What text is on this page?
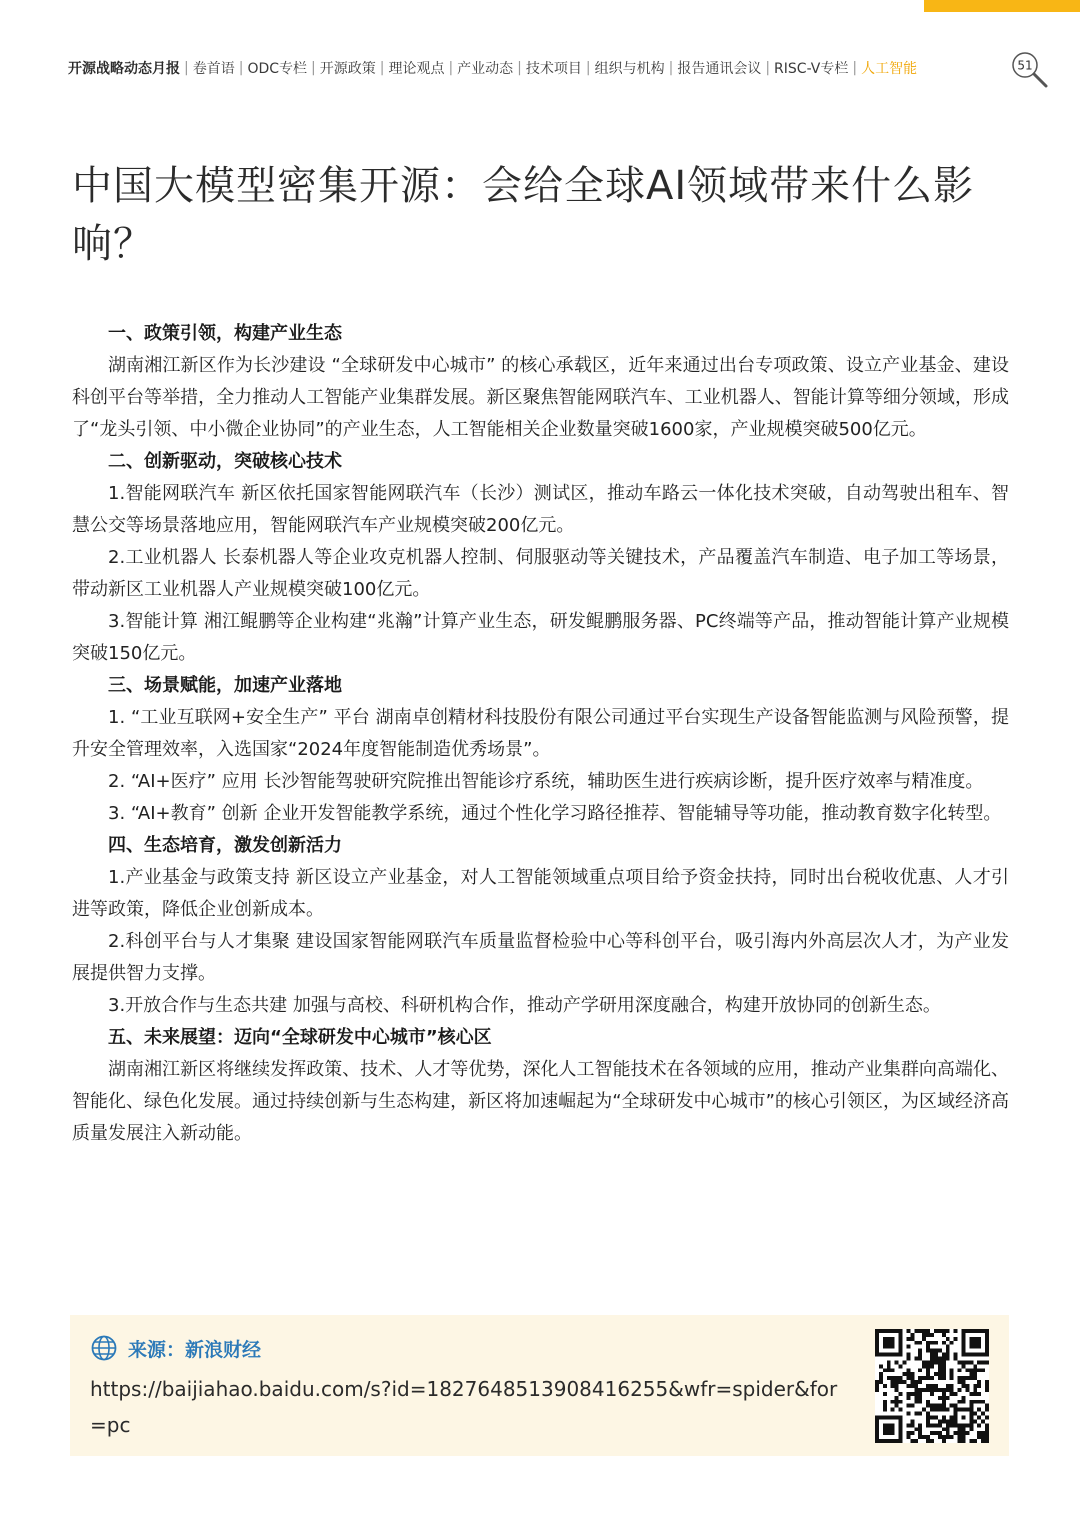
开源战略动态月报 | 卷首语 | ODC专栏 | 开源政策 | 理论观点 | 产业动态 | 技术项目 | 组织与机构 | 报告通讯会议 | RISC-V专栏 | 人工智能	51
中国大模型密集开源：会给全球AI领域带来什么影响？
一、政策引领，构建产业生态

湖南湘江新区作为长沙建设 “全球研发中心城市” 的核心承载区，近年来通过出台专项政策、设立产业基金、建设科创平台等举措，全力推动人工智能产业集群发展。新区聚焦智能网联汽车、工业机器人、智能计算等细分领域，形成了“龙头引领、中小微企业协同”的产业生态，人工智能相关企业数量突破1600家，产业规模突破500亿元。

二、创新驱动，突破核心技术

1.智能网联汽车 新区依托国家智能网联汽车（长沙）测试区，推动车路云一体化技术突破，自动驾驶出租车、智慧公交等场景落地应用，智能网联汽车产业规模突破200亿元。

2.工业机器人 长泰机器人等企业攻克机器人控制、伺服驱动等关键技术，产品覆盖汽车制造、电子加工等场景，带动新区工业机器人产业规模突破100亿元。

3.智能计算 湘江鲲鹏等企业构建“兆瀚”计算产业生态，研发鲲鹏服务器、PC终端等产品，推动智能计算产业规模突破150亿元。

三、场景赋能，加速产业落地

1. “工业互联网+安全生产” 平台 湖南卓创精材科技股份有限公司通过平台实现生产设备智能监测与风险预警，提升安全管理效率，入选国家“2024年度智能制造优秀场景”。

2. “AI+医疗” 应用 长沙智能驾驶研究院推出智能诊疗系统，辅助医生进行疾病诊断，提升医疗效率与精准度。

3. “AI+教育” 创新 企业开发智能教学系统，通过个性化学习路径推荐、智能辅导等功能，推动教育数字化转型。

四、生态培育，激发创新活力

1.产业基金与政策支持 新区设立产业基金，对人工智能领域重点项目给予资金扶持，同时出台税收优惠、人才引进等政策，降低企业创新成本。

2.科创平台与人才集聚 建设国家智能网联汽车质量监督检验中心等科创平台，吸引海内外高层次人才，为产业发展提供智力支撑。

3.开放合作与生态共建 加强与高校、科研机构合作，推动产学研用深度融合，构建开放协同的创新生态。

五、未来展望：迈向“全球研发中心城市”核心区

湖南湘江新区将继续发挥政策、技术、人才等优势，深化人工智能技术在各领域的应用，推动产业集群向高端化、智能化、绿色化发展。通过持续创新与生态构建，新区将加速崛起为“全球研发中心城市”的核心引领区，为区域经济高质量发展注入新动能。

来源：新浪财经
https://baijiahao.baidu.com/s?id=1827648513908416255&wfr=spider&for=pc
